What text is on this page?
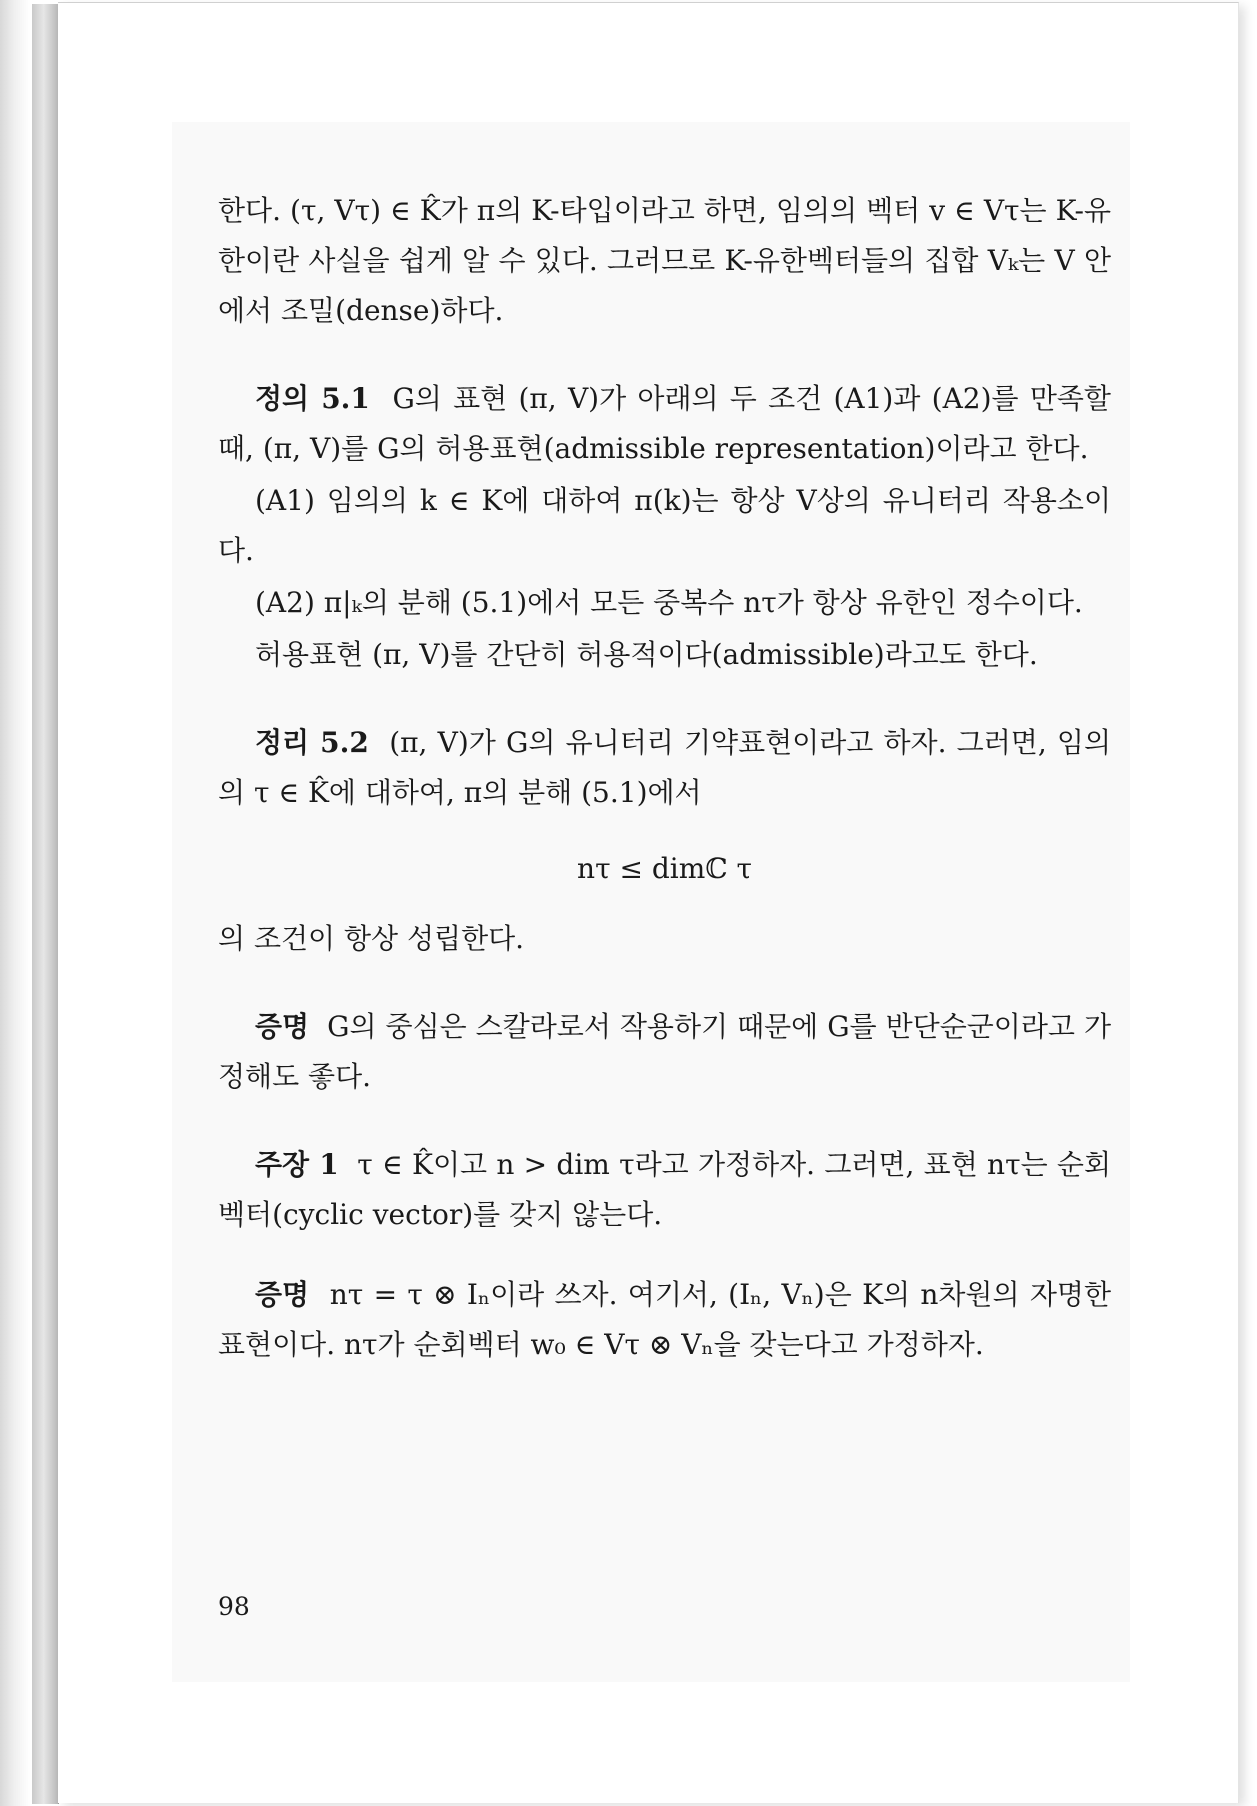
한다. (τ, Vτ) ∈ K̂가 π의 K-타입이라고 하면, 임의의 벡터 v ∈ Vτ는 K-유한이란 사실을 쉽게 알 수 있다. 그러므로 K-유한벡터들의 집합 Vₖ는 V 안에서 조밀(dense)하다.

정의 5.1 G의 표현 (π, V)가 아래의 두 조건 (A1)과 (A2)를 만족할 때, (π, V)를 G의 허용표현(admissible representation)이라고 한다.

(A1) 임의의 k ∈ K에 대하여 π(k)는 항상 V상의 유니터리 작용소이다.

(A2) π|ₖ의 분해 (5.1)에서 모든 중복수 nτ가 항상 유한인 정수이다.

허용표현 (π, V)를 간단히 허용적이다(admissible)라고도 한다.

정리 5.2 (π, V)가 G의 유니터리 기약표현이라고 하자. 그러면, 임의의 τ ∈ K̂에 대하여, π의 분해 (5.1)에서

nτ ≤ dimℂ τ

의 조건이 항상 성립한다.

증명 G의 중심은 스칼라로서 작용하기 때문에 G를 반단순군이라고 가정해도 좋다.

주장 1 τ ∈ K̂이고 n > dim τ라고 가정하자. 그러면, 표현 nτ는 순회벡터(cyclic vector)를 갖지 않는다.

증명 nτ = τ ⊗ Iₙ이라 쓰자. 여기서, (Iₙ, Vₙ)은 K의 n차원의 자명한 표현이다. nτ가 순회벡터 w₀ ∈ Vτ ⊗ Vₙ을 갖는다고 가정하자.

98
